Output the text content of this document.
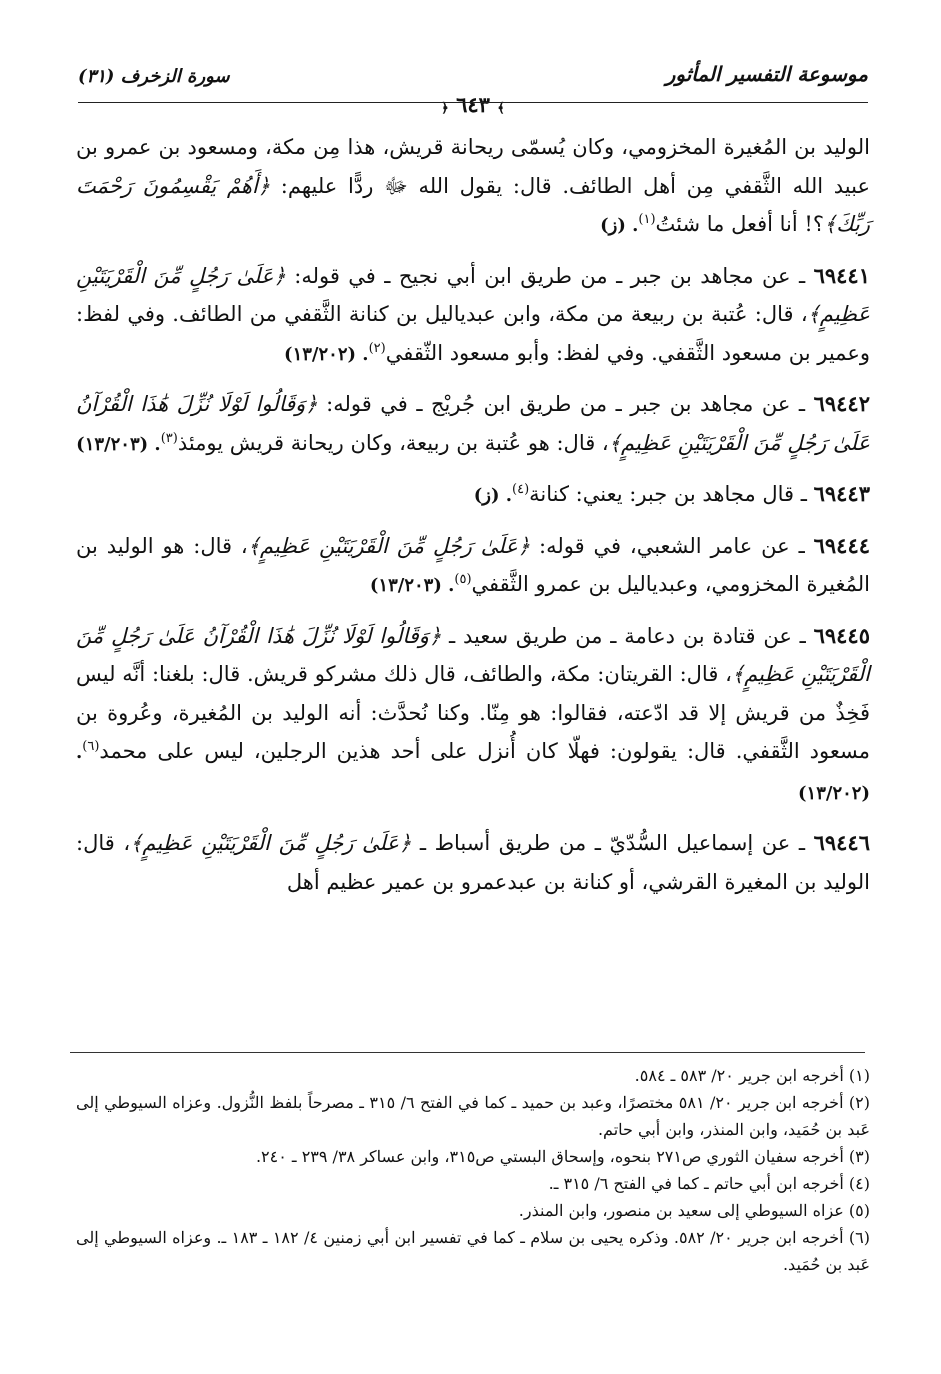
موسوعة التفسير المأثور
﴾ ٦٤٣ ﴿
سورة الزخرف (٣١)

الوليد بن المُغيرة المخزومي، وكان يُسمّى ريحانة قريش، هذا مِن مكة، ومسعود بن عمرو بن عبيد الله الثَّقفي مِن أهل الطائف. قال: يقول الله ﷻ ردًّا عليهم: ﴿أَهُمْ يَقْسِمُونَ رَحْمَتَ رَبِّكَ﴾؟! أنا أفعل ما شئتُ$^{(١)}$. (ز)

٦٩٤٤١ ـ عن مجاهد بن جبر ـ من طريق ابن أبي نجيح ـ في قوله: ﴿عَلَىٰ رَجُلٍ مِّنَ الْقَرْيَتَيْنِ عَظِيمٍ﴾، قال: عُتبة بن ربيعة من مكة، وابن عبدياليل بن كنانة الثَّقفي من الطائف. وفي لفظ: وعمير بن مسعود الثَّقفي. وفي لفظ: وأبو مسعود الثّقفي$^{(٢)}$. (١٣/٢٠٢)

٦٩٤٤٢ ـ عن مجاهد بن جبر ـ من طريق ابن جُريْج ـ في قوله: ﴿وَقَالُوا لَوْلَا نُزِّلَ هَٰذَا الْقُرْآنُ عَلَىٰ رَجُلٍ مِّنَ الْقَرْيَتَيْنِ عَظِيمٍ﴾، قال: هو عُتبة بن ربيعة، وكان ريحانة قريش يومئذ$^{(٣)}$. (١٣/٢٠٣)

٦٩٤٤٣ ـ قال مجاهد بن جبر: يعني: كنانة$^{(٤)}$. (ز)

٦٩٤٤٤ ـ عن عامر الشعبي، في قوله: ﴿عَلَىٰ رَجُلٍ مِّنَ الْقَرْيَتَيْنِ عَظِيمٍ﴾، قال: هو الوليد بن المُغيرة المخزومي، وعبدياليل بن عمرو الثَّقفي$^{(٥)}$. (١٣/٢٠٣)

٦٩٤٤٥ ـ عن قتادة بن دعامة ـ من طريق سعيد ـ ﴿وَقَالُوا لَوْلَا نُزِّلَ هَٰذَا الْقُرْآنُ عَلَىٰ رَجُلٍ مِّنَ الْقَرْيَتَيْنِ عَظِيمٍ﴾، قال: القريتان: مكة، والطائف، قال ذلك مشركو قريش. قال: بلغنا: أنَّه ليس فَخِذٌ من قريش إلا قد ادّعته، فقالوا: هو مِنّا. وكنا نُحدَّث: أنه الوليد بن المُغيرة، وعُروة بن مسعود الثَّقفي. قال: يقولون: فهلّا كان أُنزل على أحد هذين الرجلين، ليس على محمد$^{(٦)}$. (١٣/٢٠٢)

٦٩٤٤٦ ـ عن إسماعيل السُّدّيّ ـ من طريق أسباط ـ ﴿عَلَىٰ رَجُلٍ مِّنَ الْقَرْيَتَيْنِ عَظِيمٍ﴾، قال: الوليد بن المغيرة القرشي، أو كنانة بن عبدعمرو بن عمير عظيم أهل

(١) أخرجه ابن جرير ٢٠/ ٥٨٣ ـ ٥٨٤.

(٢) أخرجه ابن جرير ٢٠/ ٥٨١ مختصرًا، وعبد بن حميد ـ كما في الفتح ٦/ ٣١٥ ـ مصرحاً بلفظ النُّزول. وعزاه السيوطي إلى عَبد بن حُمَيد، وابن المنذر، وابن أبي حاتم.

(٣) أخرجه سفيان الثوري ص٢٧١ بنحوه، وإسحاق البستي ص٣١٥، وابن عساكر ٣٨/ ٢٣٩ ـ ٢٤٠.

(٤) أخرجه ابن أبي حاتم ـ كما في الفتح ٦/ ٣١٥ ـ.

(٥) عزاه السيوطي إلى سعيد بن منصور، وابن المنذر.

(٦) أخرجه ابن جرير ٢٠/ ٥٨٢. وذكره يحيى بن سلام ـ كما في تفسير ابن أبي زمنين ٤/ ١٨٢ ـ ١٨٣ ـ. وعزاه السيوطي إلى عَبد بن حُمَيد.
